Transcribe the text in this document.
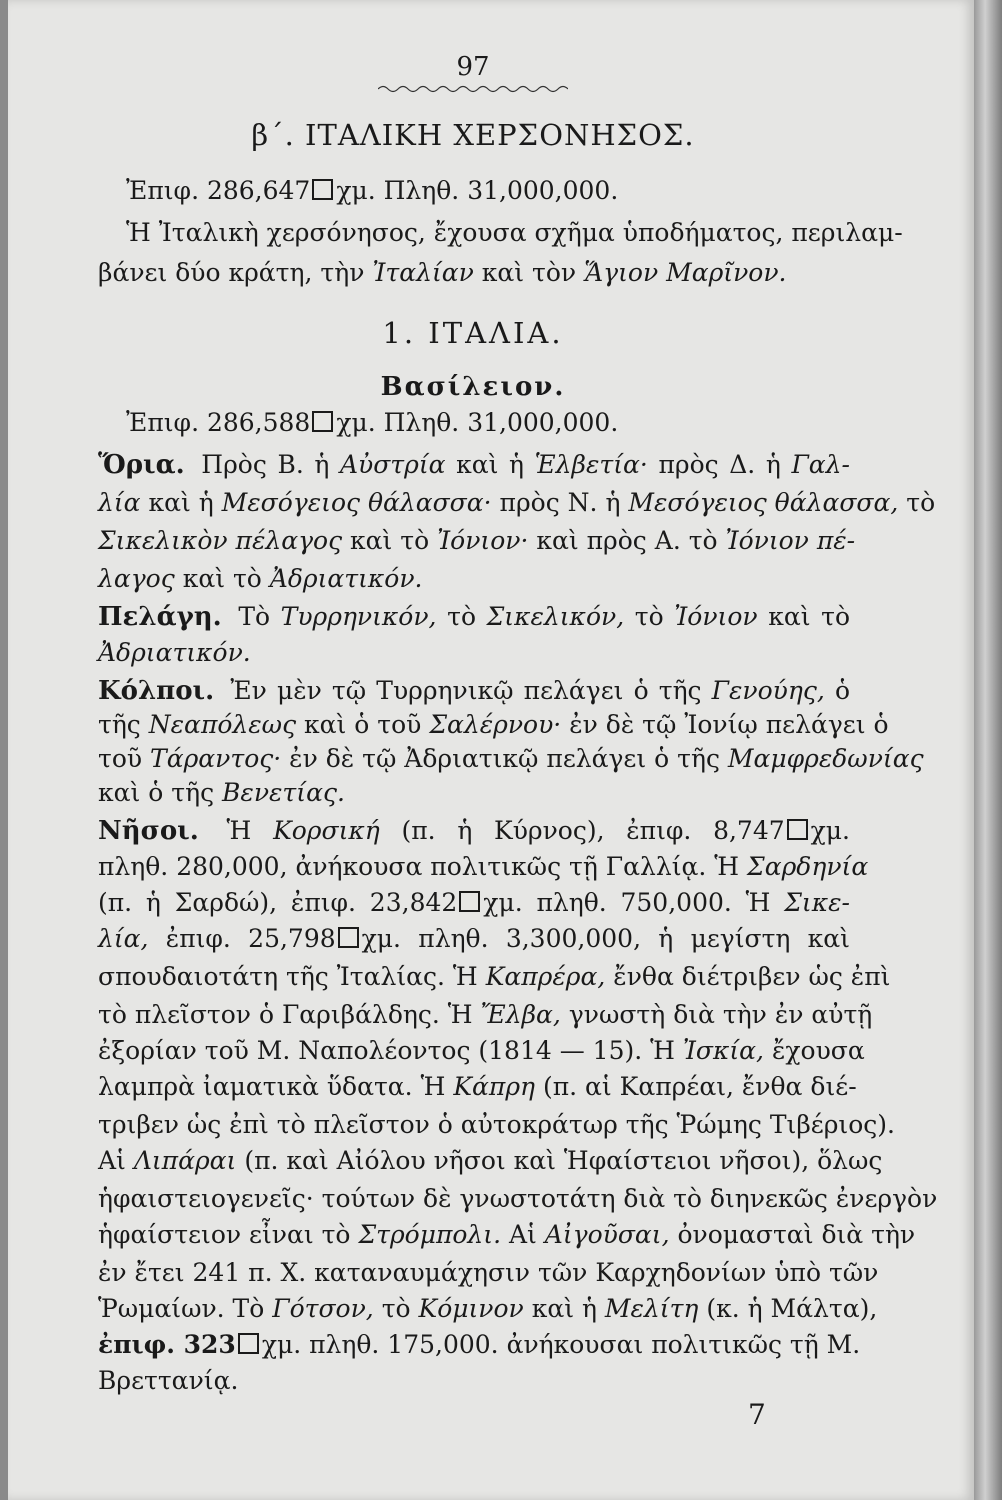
97
β΄. ΙΤΑΛΙΚΗ ΧΕΡΣΟΝΗΣΟΣ.
Ἐπιφ. 286,647 χμ. Πληθ. 31,000,000.
Ἡ Ἰταλικὴ χερσόνησος, ἔχουσα σχῆμα ὑποδήματος, περιλαμ-
βάνει δύο κράτη, τὴν Ἰταλίαν καὶ τὸν Ἅγιον Μαρῖνον.
1. ΙΤΑΛΙΑ.
Βασίλειον.
Ἐπιφ. 286,588 χμ. Πληθ. 31,000,000.
Ὅρια. Πρὸς Β. ἡ Αὐστρία καὶ ἡ Ἑλβετία· πρὸς Δ. ἡ Γαλ-
λία καὶ ἡ Μεσόγειος θάλασσα· πρὸς Ν. ἡ Μεσόγειος θάλασσα, τὸ
Σικελικὸν πέλαγος καὶ τὸ Ἰόνιον· καὶ πρὸς Α. τὸ Ἰόνιον πέ-
λαγος καὶ τὸ Ἀδριατικόν.
Πελάγη. Τὸ Τυρρηνικόν, τὸ Σικελικόν, τὸ Ἰόνιον καὶ τὸ
Ἀδριατικόν.
Κόλποι. Ἐν μὲν τῷ Τυρρηνικῷ πελάγει ὁ τῆς Γενούης, ὁ
τῆς Νεαπόλεως καὶ ὁ τοῦ Σαλέρνου· ἐν δὲ τῷ Ἰονίῳ πελάγει ὁ
τοῦ Τάραντος· ἐν δὲ τῷ Ἀδριατικῷ πελάγει ὁ τῆς Μαμφρεδωνίας
καὶ ὁ τῆς Βενετίας.
Νῆσοι. Ἡ Κορσική (π. ἡ Κύρνος), ἐπιφ. 8,747 χμ.
πληθ. 280,000, ἀνήκουσα πολιτικῶς τῇ Γαλλίᾳ. Ἡ Σαρδηνία
(π. ἡ Σαρδώ), ἐπιφ. 23,842 χμ. πληθ. 750,000. Ἡ Σικε-
λία, ἐπιφ. 25,798 χμ. πληθ. 3,300,000, ἡ μεγίστη καὶ
σπουδαιοτάτη τῆς Ἰταλίας. Ἡ Καπρέρα, ἔνθα διέτριβεν ὡς ἐπὶ
τὸ πλεῖστον ὁ Γαριβάλδης. Ἡ Ἔλβα, γνωστὴ διὰ τὴν ἐν αὐτῇ
ἐξορίαν τοῦ Μ. Ναπολέοντος (1814 — 15). Ἡ Ἰσκία, ἔχουσα
λαμπρὰ ἰαματικὰ ὕδατα. Ἡ Κάπρη (π. αἱ Καπρέαι, ἔνθα διέ-
τριβεν ὡς ἐπὶ τὸ πλεῖστον ὁ αὐτοκράτωρ τῆς Ῥώμης Τιβέριος).
Αἱ Λιπάραι (π. καὶ Αἰόλου νῆσοι καὶ Ἡφαίστειοι νῆσοι), ὅλως
ἡφαιστειογενεῖς· τούτων δὲ γνωστοτάτη διὰ τὸ διηνεκῶς ἐνεργὸν
ἡφαίστειον εἶναι τὸ Στρόμπολι. Αἱ Αἰγοῦσαι, ὀνομασταὶ διὰ τὴν
ἐν ἔτει 241 π. Χ. καταναυμάχησιν τῶν Καρχηδονίων ὑπὸ τῶν
Ῥωμαίων. Τὸ Γότσον, τὸ Κόμινον καὶ ἡ Μελίτη (κ. ἡ Μάλτα),
ἐπιφ. 323 χμ. πληθ. 175,000. ἀνήκουσαι πολιτικῶς τῇ Μ.
Βρεττανίᾳ.
7
